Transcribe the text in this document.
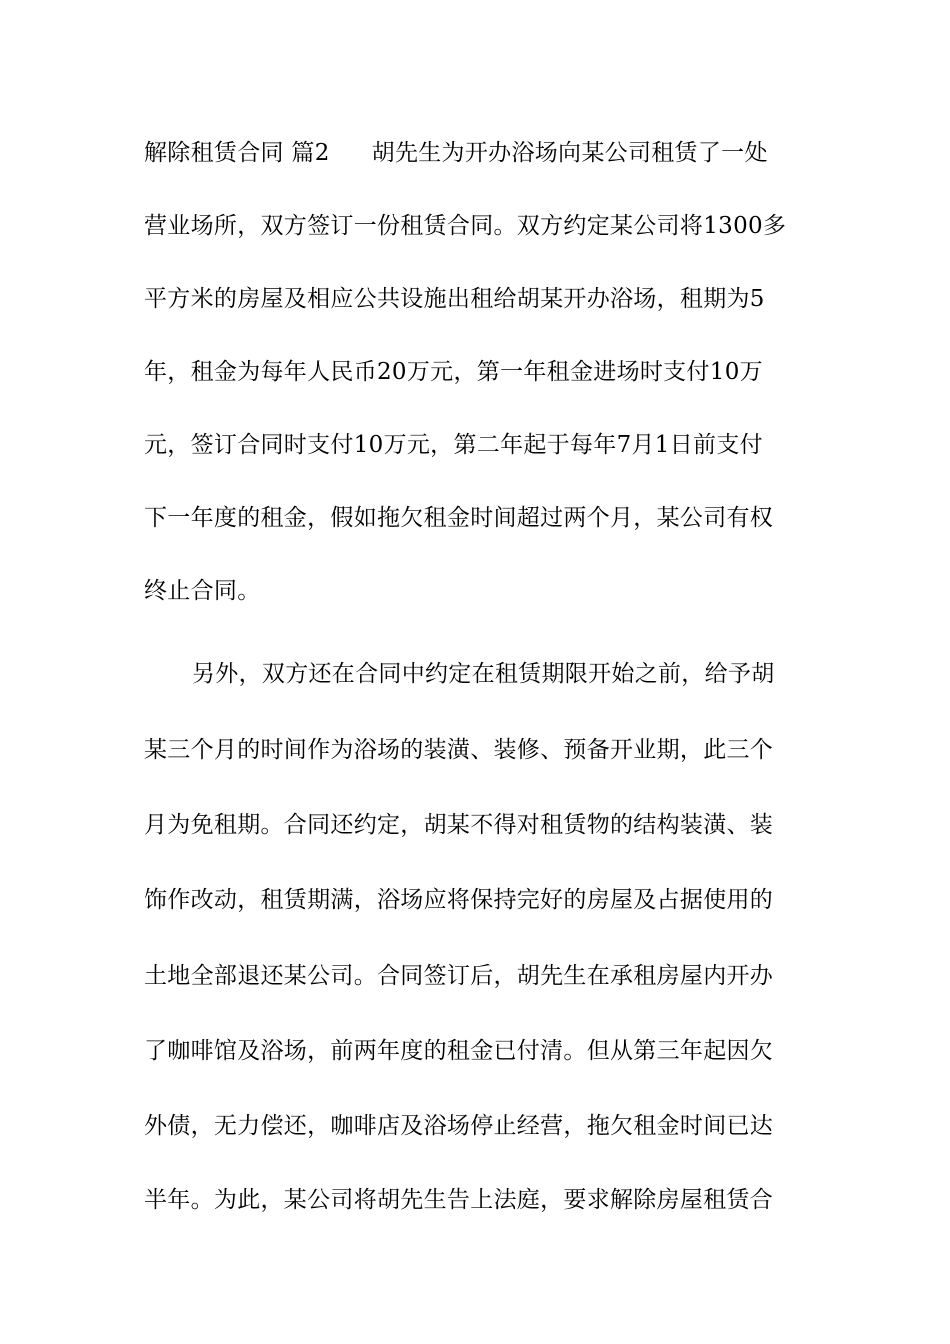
解除租赁合同 篇2 胡先生为开办浴场向某公司租赁了一处
营业场所，双方签订一份租赁合同。双方约定某公司将1300多
平方米的房屋及相应公共设施出租给胡某开办浴场，租期为5
年，租金为每年人民币20万元，第一年租金进场时支付10万
元，签订合同时支付10万元，第二年起于每年7月1日前支付
下一年度的租金，假如拖欠租金时间超过两个月，某公司有权
终止合同。
另外，双方还在合同中约定在租赁期限开始之前，给予胡
某三个月的时间作为浴场的装潢、装修、预备开业期，此三个
月为免租期。合同还约定，胡某不得对租赁物的结构装潢、装
饰作改动，租赁期满，浴场应将保持完好的房屋及占据使用的
土地全部退还某公司。合同签订后，胡先生在承租房屋内开办
了咖啡馆及浴场，前两年度的租金已付清。但从第三年起因欠
外债，无力偿还，咖啡店及浴场停止经营，拖欠租金时间已达
半年。为此，某公司将胡先生告上法庭，要求解除房屋租赁合
